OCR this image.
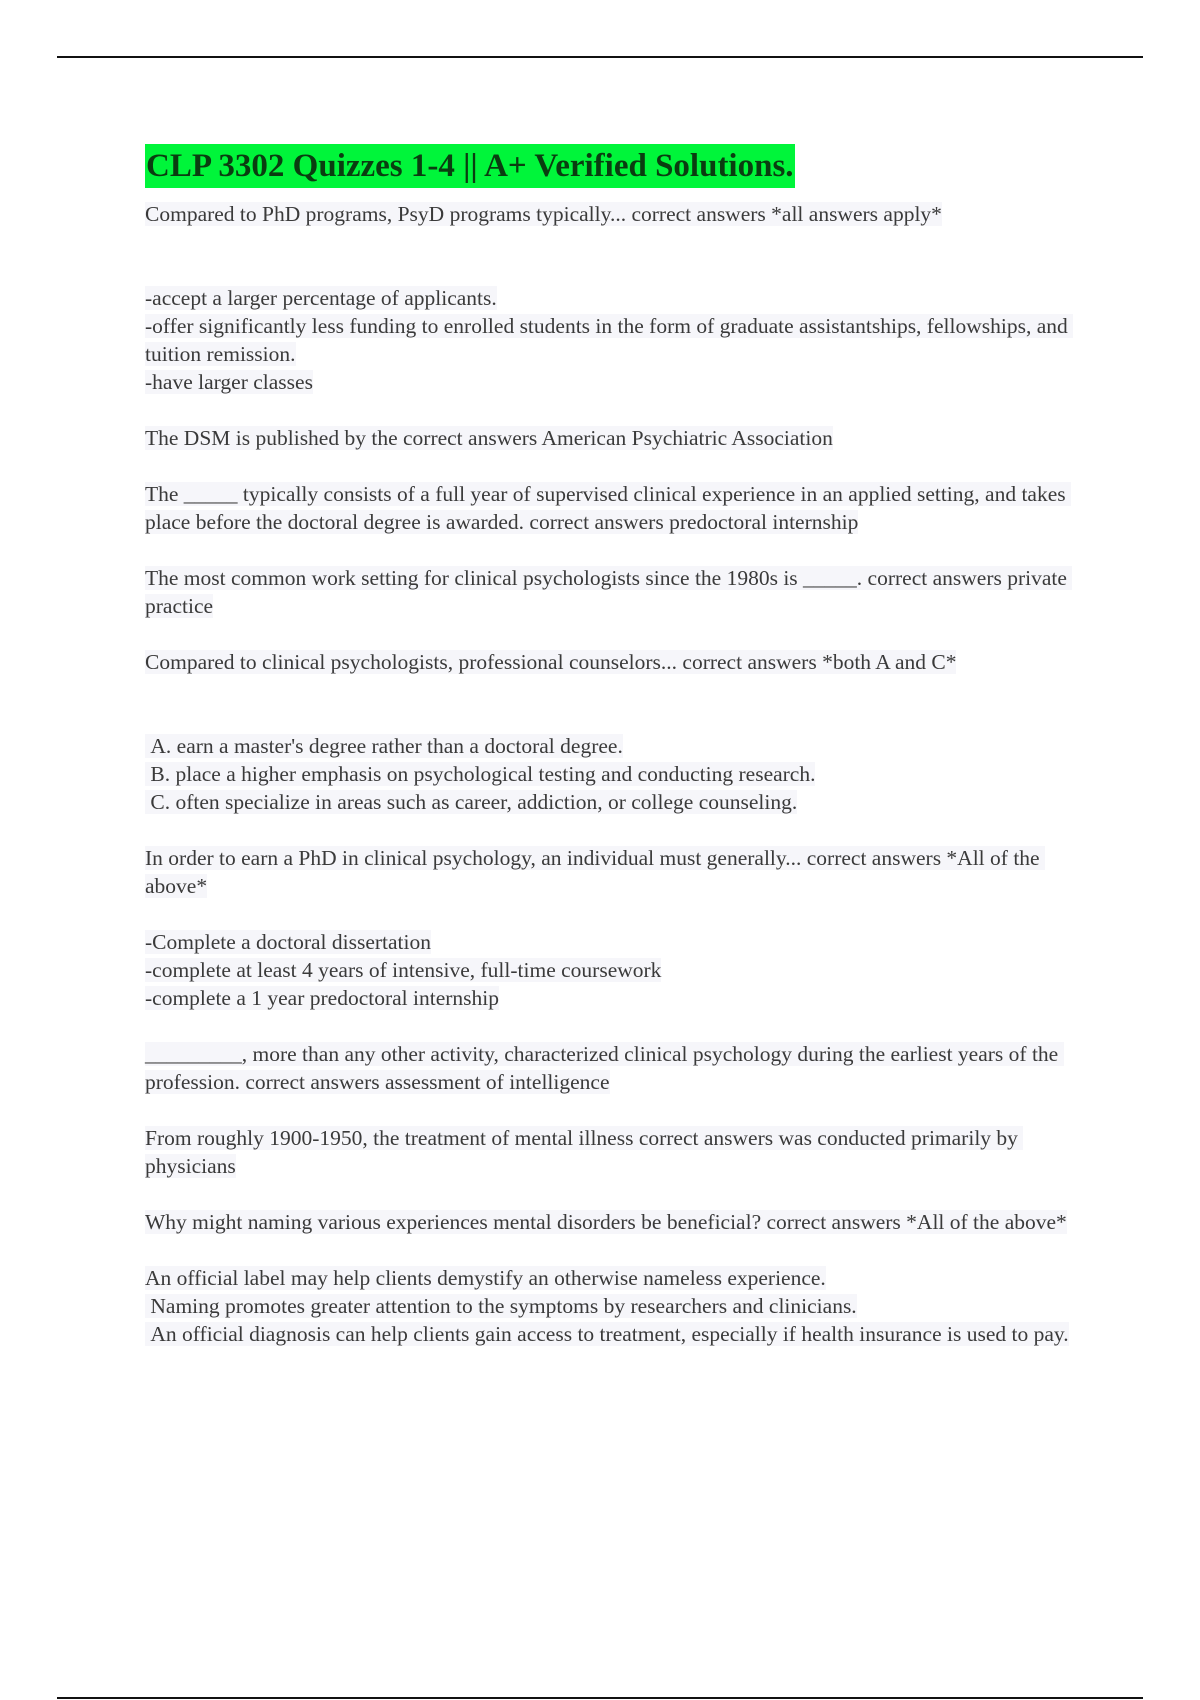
CLP 3302 Quizzes 1-4 || A+ Verified Solutions.

Compared to PhD programs, PsyD programs typically... correct answers *all answers apply*

-accept a larger percentage of applicants.
-offer significantly less funding to enrolled students in the form of graduate assistantships, fellowships, and tuition remission.
-have larger classes

The DSM is published by the correct answers American Psychiatric Association

The _____ typically consists of a full year of supervised clinical experience in an applied setting, and takes place before the doctoral degree is awarded. correct answers predoctoral internship

The most common work setting for clinical psychologists since the 1980s is _____. correct answers private practice

Compared to clinical psychologists, professional counselors... correct answers *both A and C*

A. earn a master's degree rather than a doctoral degree.
B. place a higher emphasis on psychological testing and conducting research.
C. often specialize in areas such as career, addiction, or college counseling.

In order to earn a PhD in clinical psychology, an individual must generally... correct answers *All of the above*

-Complete a doctoral dissertation
-complete at least 4 years of intensive, full-time coursework
-complete a 1 year predoctoral internship

_________, more than any other activity, characterized clinical psychology during the earliest years of the profession. correct answers assessment of intelligence

From roughly 1900-1950, the treatment of mental illness correct answers was conducted primarily by physicians

Why might naming various experiences mental disorders be beneficial? correct answers *All of the above*

An official label may help clients demystify an otherwise nameless experience.
Naming promotes greater attention to the symptoms by researchers and clinicians.
An official diagnosis can help clients gain access to treatment, especially if health insurance is used to pay.
